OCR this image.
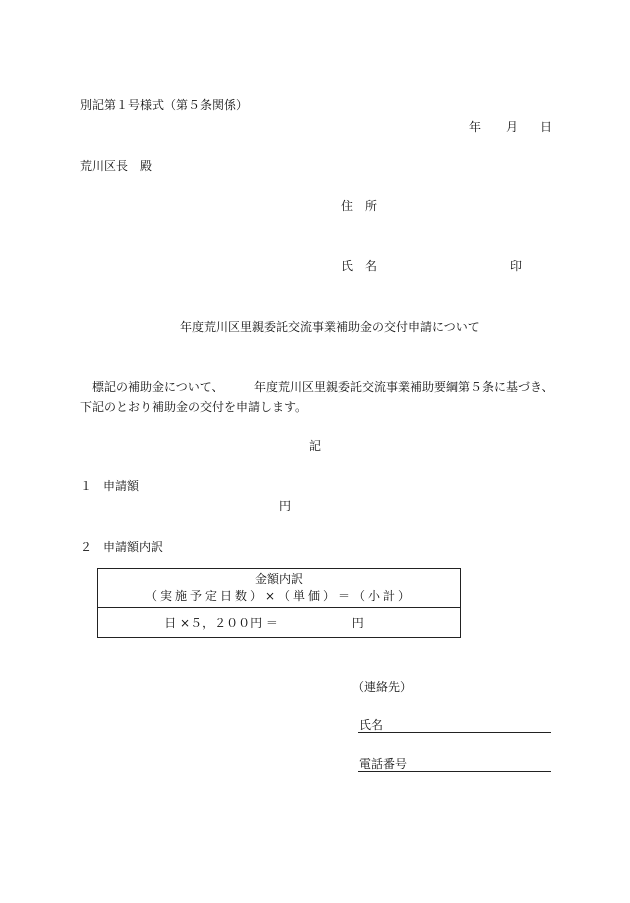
別記第１号様式（第５条関係）
年 月 日
荒川区長　殿
住　所
氏　名	印
年度荒川区里親委託交流事業補助金の交付申請について
標記の補助金について、	年度荒川区里親委託交流事業補助要綱第５条に基づき、
下記のとおり補助金の交付を申請します。
記
１ 申請額
円
２ 申請額内訳
金額内訳
（実施予定日数）×（単価）＝（小計）

日 ×５，２００円 ＝	円
（連絡先）
氏名
電話番号
